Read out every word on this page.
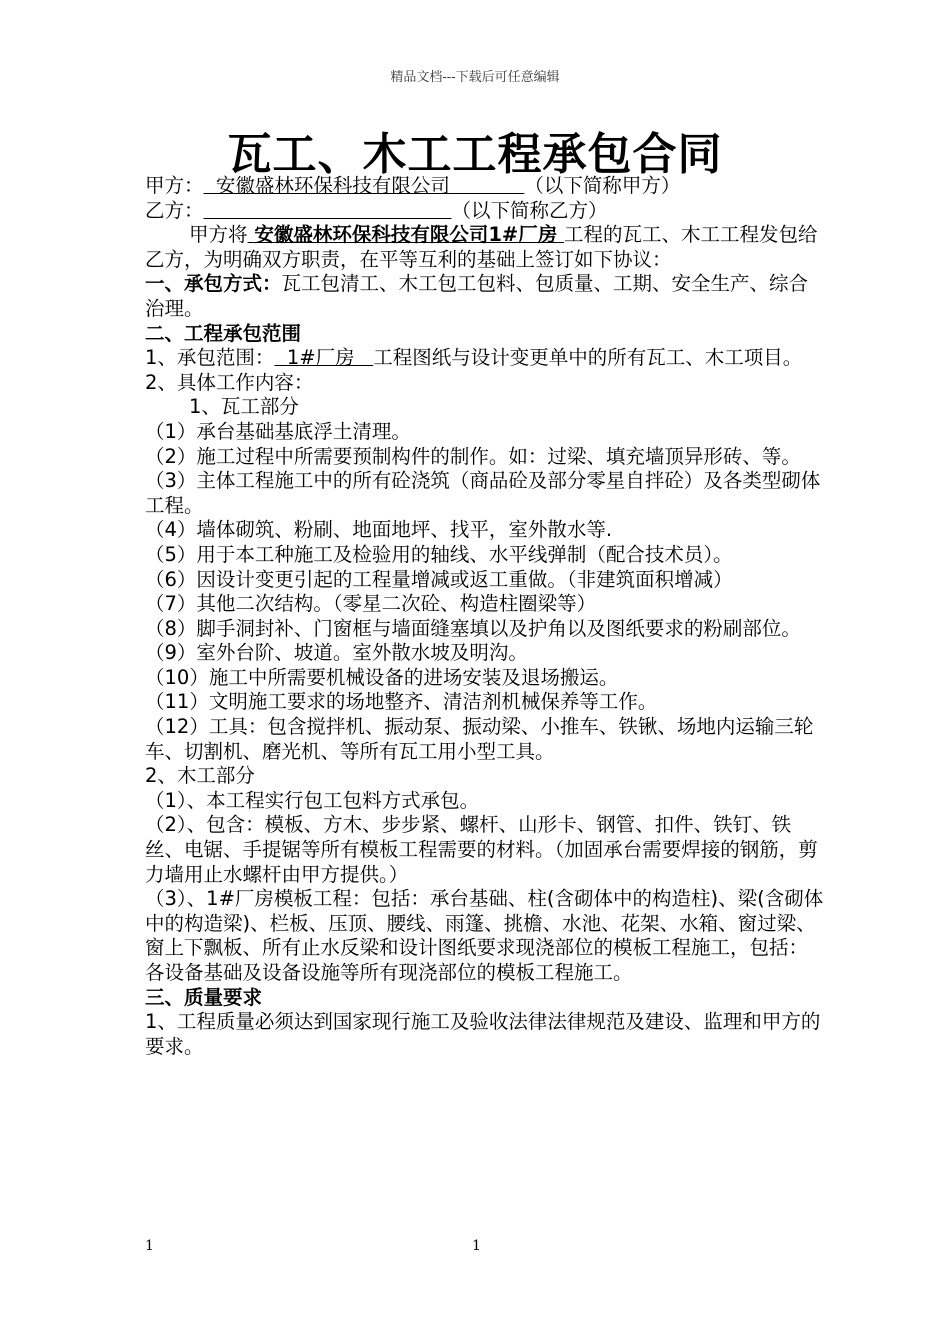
精品文档---下载后可任意编辑
瓦工、木工工程承包合同

甲方： 安徽盛林环保科技有限公司	（以下简称甲方）

乙方：	（以下简称乙方）

甲方将 安徽盛林环保科技有限公司1#厂房 工程的瓦工、木工工程发包给乙方，为明确双方职责，在平等互利的基础上签订如下协议：

一、承包方式：瓦工包清工、木工包工包料、包质量、工期、安全生产、综合治理。

二、工程承包范围

1、承包范围： 1#厂房 工程图纸与设计变更单中的所有瓦工、木工项目。

2、具体工作内容：

1、瓦工部分

（1）承台基础基底浮土清理。

（2）施工过程中所需要预制构件的制作。如：过梁、填充墙顶异形砖、等。

（3）主体工程施工中的所有砼浇筑（商品砼及部分零星自拌砼）及各类型砌体工程。

（4）墙体砌筑、粉刷、地面地坪、找平，室外散水等.

（5）用于本工种施工及检验用的轴线、水平线弹制（配合技术员）。

（6）因设计变更引起的工程量增减或返工重做。（非建筑面积增减）

（7）其他二次结构。（零星二次砼、构造柱圈梁等）

（8）脚手洞封补、门窗框与墙面缝塞填以及护角以及图纸要求的粉刷部位。

（9）室外台阶、坡道。室外散水坡及明沟。

（10）施工中所需要机械设备的进场安装及退场搬运。

（11）文明施工要求的场地整齐、清洁剂机械保养等工作。

（12）工具：包含搅拌机、振动泵、振动梁、小推车、铁锹、场地内运输三轮车、切割机、磨光机、等所有瓦工用小型工具。

2、木工部分

（1）、本工程实行包工包料方式承包。

（2）、包含：模板、方木、步步紧、螺杆、山形卡、钢管、扣件、铁钉、铁丝、电锯、手提锯等所有模板工程需要的材料。（加固承台需要焊接的钢筋，剪力墙用止水螺杆由甲方提供。）

（3）、1#厂房模板工程：包括：承台基础、柱(含砌体中的构造柱)、梁(含砌体中的构造梁)、栏板、压顶、腰线、雨篷、挑檐、水池、花架、水箱、窗过梁、窗上下飘板、所有止水反梁和设计图纸要求现浇部位的模板工程施工，包括：各设备基础及设备设施等所有现浇部位的模板工程施工。

三、质量要求

1、工程质量必须达到国家现行施工及验收法律法律规范及建设、监理和甲方的要求。

1	1
